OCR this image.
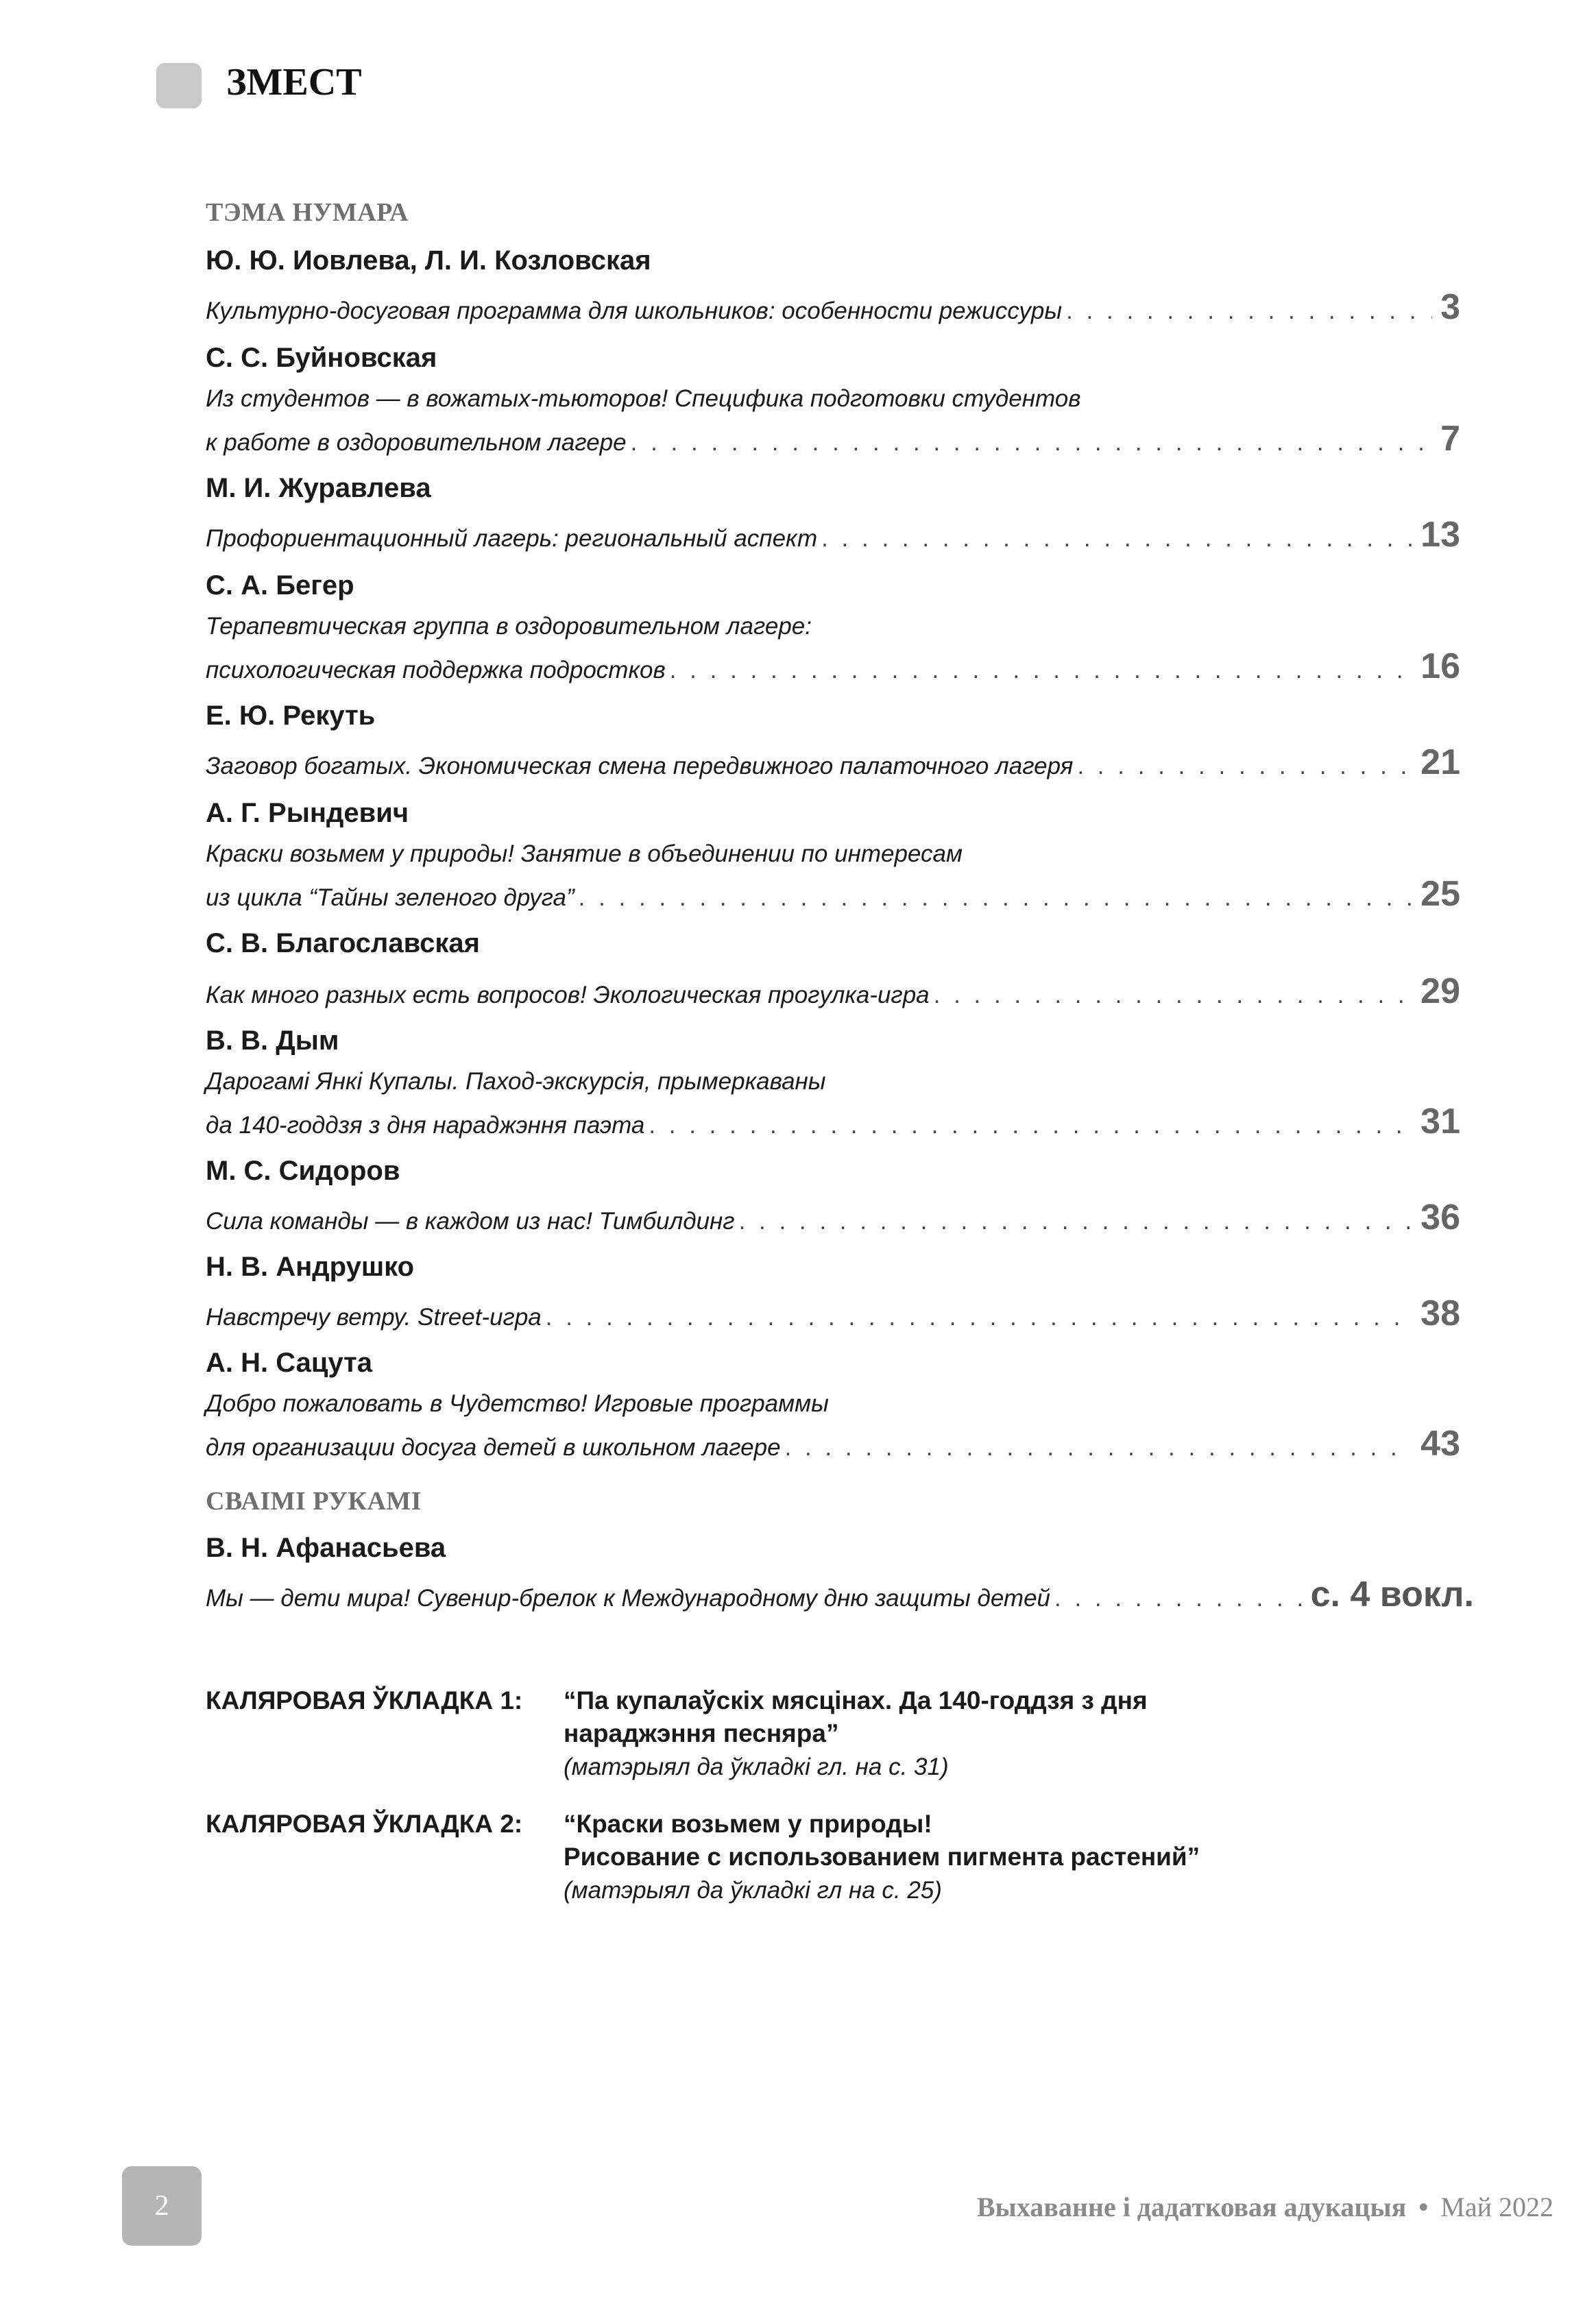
ЗМЕСТ
ТЭМА НУМАРА
Ю. Ю. Иовлева, Л. И. Козловская
Культурно-досуговая программа для школьников: особенности режиссуры . . .	3
С. С. Буйновская
Из студентов — в вожатых-тьюторов! Специфика подготовки студентов
к работе в оздоровительном лагере . . .	7
М. И. Журавлева
Профориентационный лагерь: региональный аспект . . .	13
С. А. Бегер
Терапевтическая группа в оздоровительном лагере:
психологическая поддержка подростков . . .	16
Е. Ю. Рекуть
Заговор богатых. Экономическая смена передвижного палаточного лагеря . . .	21
А. Г. Рындевич
Краски возьмем у природы! Занятие в объединении по интересам
из цикла “Тайны зеленого друга” . . .	25
С. В. Благославская
Как много разных есть вопросов! Экологическая прогулка-игра . . .	29
В. В. Дым
Дарогамі Янкі Купалы. Паход-экскурсія, прымеркаваны
да 140-годдзя з дня нараджэння паэта . . .	31
М. С. Сидоров
Сила команды — в каждом из нас! Тимбилдинг . . .	36
Н. В. Андрушко
Навстречу ветру. Street-игра . . .	38
А. Н. Сацута
Добро пожаловать в Чудетство! Игровые программы
для организации досуга детей в школьном лагере . . .	43
СВАІМІ РУКАМІ
В. Н. Афанасьева
Мы — дети мира! Сувенир-брелок к Международному дню защиты детей . . .	с. 4 вокл.
КАЛЯРОВАЯ ЎКЛАДКА 1: “Па купалаўскіх мясцінах. Да 140-годдзя з дня
нараджэння песняра”
(матэрыял да ўкладкі гл. на с. 31)
КАЛЯРОВАЯ ЎКЛАДКА 2: “Краски возьмем у природы!
Рисование с использованием пигмента растений”
(матэрыял да ўкладкі гл на с. 25)
2	Выхаванне і дадатковая адукацыя • Май 2022
